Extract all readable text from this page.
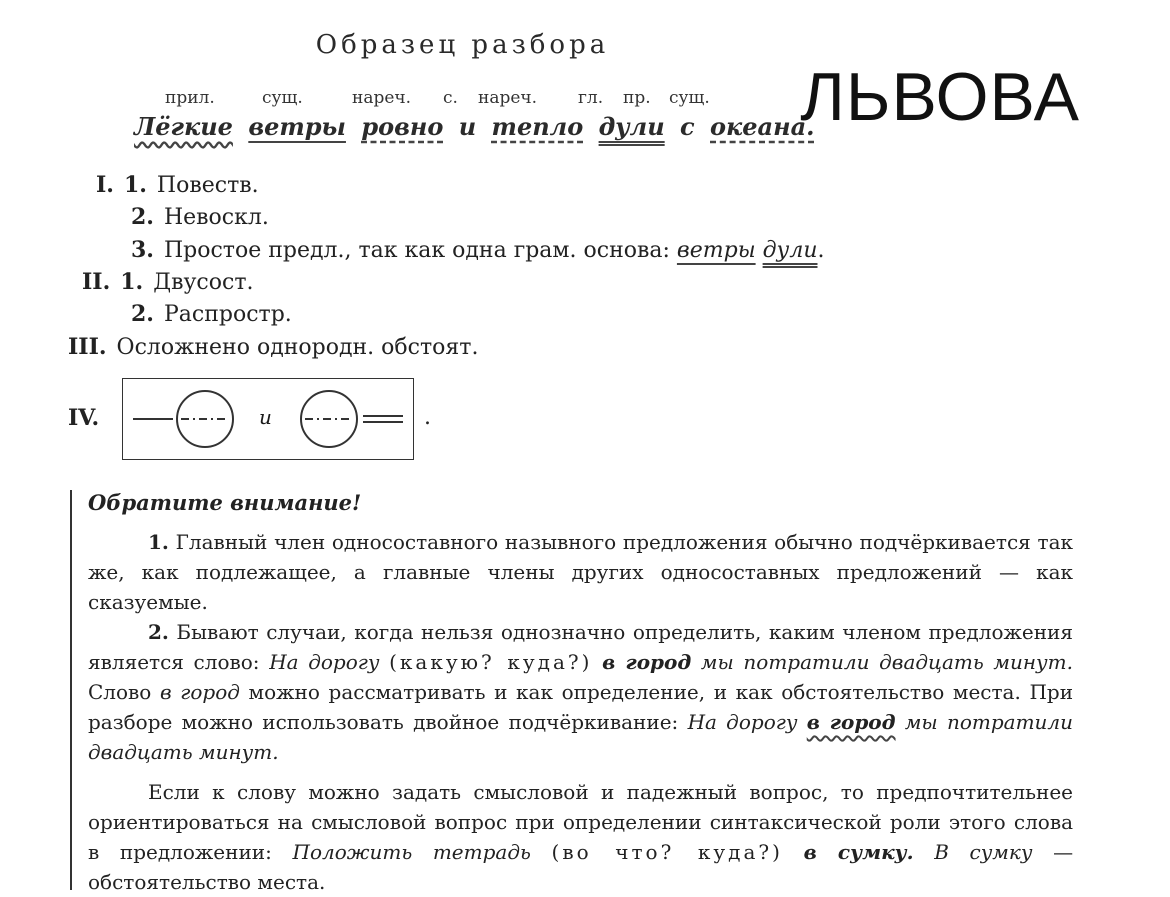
Образец разбора
ЛЬВОВА
прил.	сущ.	нареч. с. нареч. гл. пр. сущ.
Лёгкие ветры ровно и тепло дули с океана.
I. 1. Повеств.
2. Невоскл.
3. Простое предл., так как одна грам. основа: ветры дули.
II. 1. Двусост.
2. Распростр.
III. Осложнено однородн. обстоят.
IV.	и	.
Обратите внимание!
1. Главный член односоставного назывного предложения обычно подчёркивается так же, как подлежащее, а главные члены других односоставных предложений — как сказуемые.
2. Бывают случаи, когда нельзя однозначно определить, каким членом предложения является слово: На дорогу (какую? куда?) в город мы потратили двадцать минут. Слово в город можно рассматривать и как определение, и как обстоятельство места. При разборе можно использовать двойное подчёркивание: На дорогу в город мы потратили двадцать минут.
Если к слову можно задать смысловой и падежный вопрос, то предпочтительнее ориентироваться на смысловой вопрос при определении синтаксической роли этого слова в предложении: Положить тетрадь (во что? куда?) в сумку. В сумку — обстоятельство места.
